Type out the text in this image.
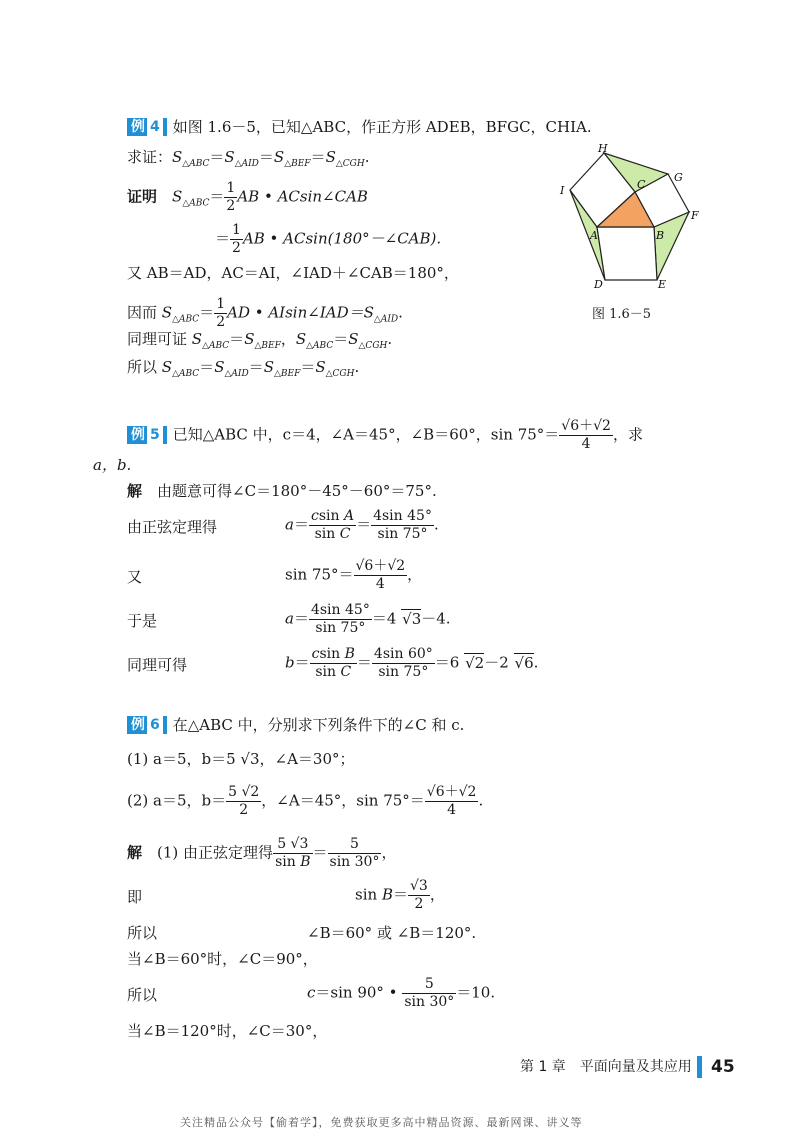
例 4 如图 1.6－5，已知△ABC，作正方形 ADEB，BFGC，CHIA.
求证：$S_{\triangle ABC}=S_{\triangle AID}=S_{\triangle BEF}=S_{\triangle CGH}$.
证明　 $S_{\triangle ABC}= \frac{1}{2}$ AB • ACsin∠CAB
＝ $\frac{1}{2}$ AB • ACsin(180°－∠CAB).
又 AB＝AD，AC＝AI，∠IAD＋∠CAB＝180°，
因而 $S_{\triangle ABC}= \frac{1}{2}$ AD • $AIsin\angle IAD=S_{\triangle AID}$.
同理可证 $S_{\triangle ABC}=S_{\triangle BEF}$，$S_{\triangle ABC}=S_{\triangle CGH}$.
所以 $S_{\triangle ABC}=S_{\triangle AID}=S_{\triangle BEF}=S_{\triangle CGH}$.
H
G
C
I
F
A	B
D	E
图 1.6－5
例 5 已知△ABC 中，c＝4，∠A＝45°，∠B＝60°，$\sin 75^\circ= \frac{√6+√2}{4}$ ，求
a，b.
解　 由题意可得∠C＝180°－45°－60°＝75°.
由正弦定理得	$a= \frac{\text{csin A}}{\text{sin C}} = \frac{4\sin 45^\circ}{\sin 75^\circ}$ .
又	$\sin 75^\circ= \frac{√6+√2}{4}$ ，
于是	$a= \frac{4\sin 45^\circ}{\sin 75^\circ} =4$ √3－4.
同理可得	$b= \frac{\text{csin B}}{\text{sin C}} = \frac{4\sin 60^\circ}{\sin 75^\circ} =6$ √2－2 √6.
例 6 在△ABC 中，分别求下列条件下的∠C 和 c.
(1) a＝5，b＝5 √3，∠A＝30°；
(2) a＝5，$b= \frac{5 √2}{2}$ ，∠A＝45°，$\sin 75^\circ= \frac{√6+√2}{4}$ .
解　 (1) 由正弦定理得 $\frac{5 √3}{\text{sin B}} = \frac{5}{\sin 30^\circ}$ ，
即	$\sin B= \frac{√3}{2}$ ，
所以	∠B＝60° 或 ∠B＝120°.
当∠B＝60°时，∠C＝90°，
所以	c＝sin 90° • $\frac{5}{\sin 30^\circ} =10$.
当∠B＝120°时，∠C＝30°，
第 1 章　平面向量及其应用 45
关注精品公众号【偷着学】，免费获取更多高中精品资源、最新网课、讲义等
